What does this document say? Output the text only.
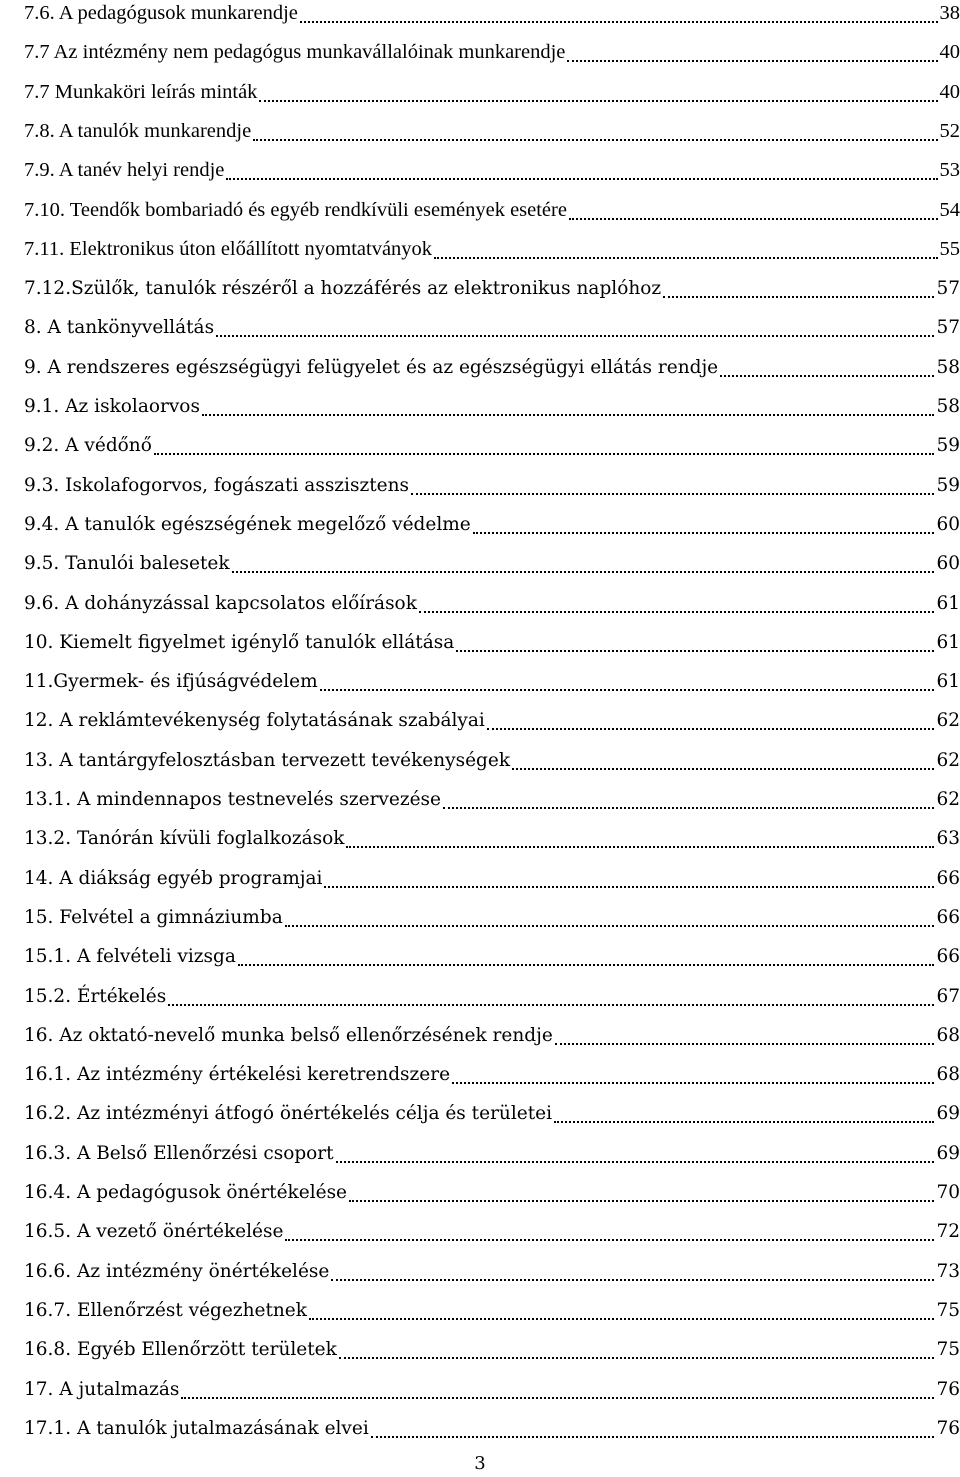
7.6. A pedagógusok munkarendje	38
7.7 Az intézmény nem pedagógus munkavállalóinak munkarendje	40
7.7 Munkaköri leírás minták	40
7.8. A tanulók munkarendje	52
7.9. A tanév helyi rendje	53
7.10. Teendők bombariadó és egyéb rendkívüli események esetére	54
7.11. Elektronikus úton előállított nyomtatványok	55
7.12.Szülők, tanulók részéről a hozzáférés az elektronikus naplóhoz	57
8. A tankönyvellátás	57
9. A rendszeres egészségügyi felügyelet és az egészségügyi ellátás rendje	58
9.1. Az iskolaorvos	58
9.2. A védőnő	59
9.3. Iskolafogorvos, fogászati asszisztens	59
9.4. A tanulók egészségének megelőző védelme	60
9.5. Tanulói balesetek	60
9.6. A dohányzással kapcsolatos előírások	61
10. Kiemelt figyelmet igénylő tanulók ellátása	61
11.Gyermek- és ifjúságvédelem	61
12. A reklámtevékenység folytatásának szabályai	62
13. A tantárgyfelosztásban tervezett tevékenységek	62
13.1. A mindennapos testnevelés szervezése	62
13.2. Tanórán kívüli foglalkozások	63
14. A diákság egyéb programjai	66
15. Felvétel a gimnáziumba	66
15.1. A felvételi vizsga	66
15.2. Értékelés	67
16. Az oktató-nevelő munka belső ellenőrzésének rendje	68
16.1. Az intézmény értékelési keretrendszere	68
16.2. Az intézményi átfogó önértékelés célja és területei	69
16.3. A Belső Ellenőrzési csoport	69
16.4. A pedagógusok önértékelése	70
16.5. A vezető önértékelése	72
16.6. Az intézmény önértékelése	73
16.7. Ellenőrzést végezhetnek	75
16.8. Egyéb Ellenőrzött területek	75
17. A jutalmazás	76
17.1. A tanulók jutalmazásának elvei	76
3
